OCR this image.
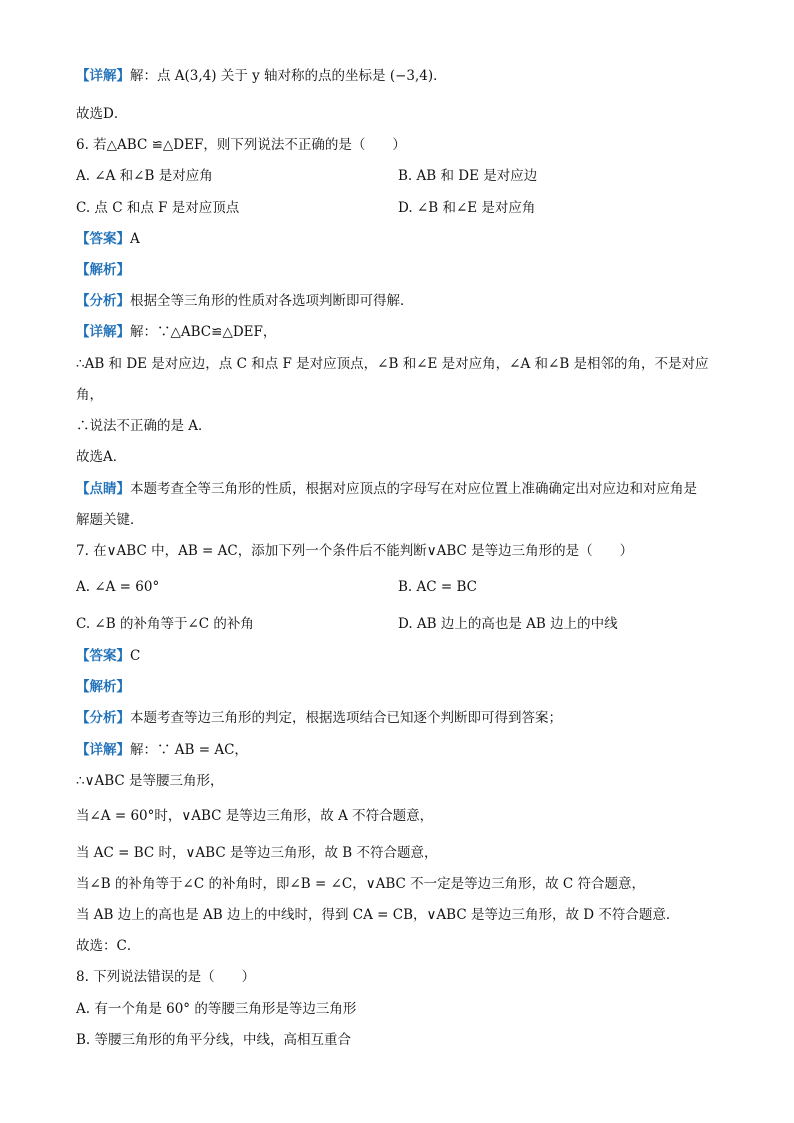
【详解】解：点 A(3,4) 关于 y 轴对称的点的坐标是 (−3,4)．
故选D．
6. 若△ABC ≌△DEF，则下列说法不正确的是（　　）
【答案】A
【解析】
【分析】根据全等三角形的性质对各选项判断即可得解．
【详解】解：∵△ABC≌△DEF，
∴AB 和 DE 是对应边，点 C 和点 F 是对应顶点，∠B 和∠E 是对应角，∠A 和∠B 是相邻的角，不是对应
角，
∴说法不正确的是 A．
故选A．
【点睛】本题考查全等三角形的性质，根据对应顶点的字母写在对应位置上准确确定出对应边和对应角是
解题关键．
7. 在∨ABC 中，AB = AC，添加下列一个条件后不能判断∨ABC 是等边三角形的是（　　）
【答案】C
【解析】
【分析】本题考查等边三角形的判定，根据选项结合已知逐个判断即可得到答案；
【详解】解：∵ AB = AC，
∴∨ABC 是等腰三角形，
当∠A = 60°时，∨ABC 是等边三角形，故 A 不符合题意，
当 AC = BC 时，∨ABC 是等边三角形，故 B 不符合题意，
当∠B 的补角等于∠C 的补角时，即∠B = ∠C，∨ABC 不一定是等边三角形，故 C 符合题意，
当 AB 边上的高也是 AB 边上的中线时，得到 CA = CB，∨ABC 是等边三角形，故 D 不符合题意．
故选：C．
8. 下列说法错误的是（　　）
A. 有一个角是 60° 的等腰三角形是等边三角形
B. 等腰三角形的角平分线，中线，高相互重合
A. ∠A 和∠B 是对应角	B. AB 和 DE 是对应边
C. 点 C 和点 F 是对应顶点	D. ∠B 和∠E 是对应角
A. ∠A = 60°	B. AC = BC
C. ∠B 的补角等于∠C 的补角	D. AB 边上的高也是 AB 边上的中线
